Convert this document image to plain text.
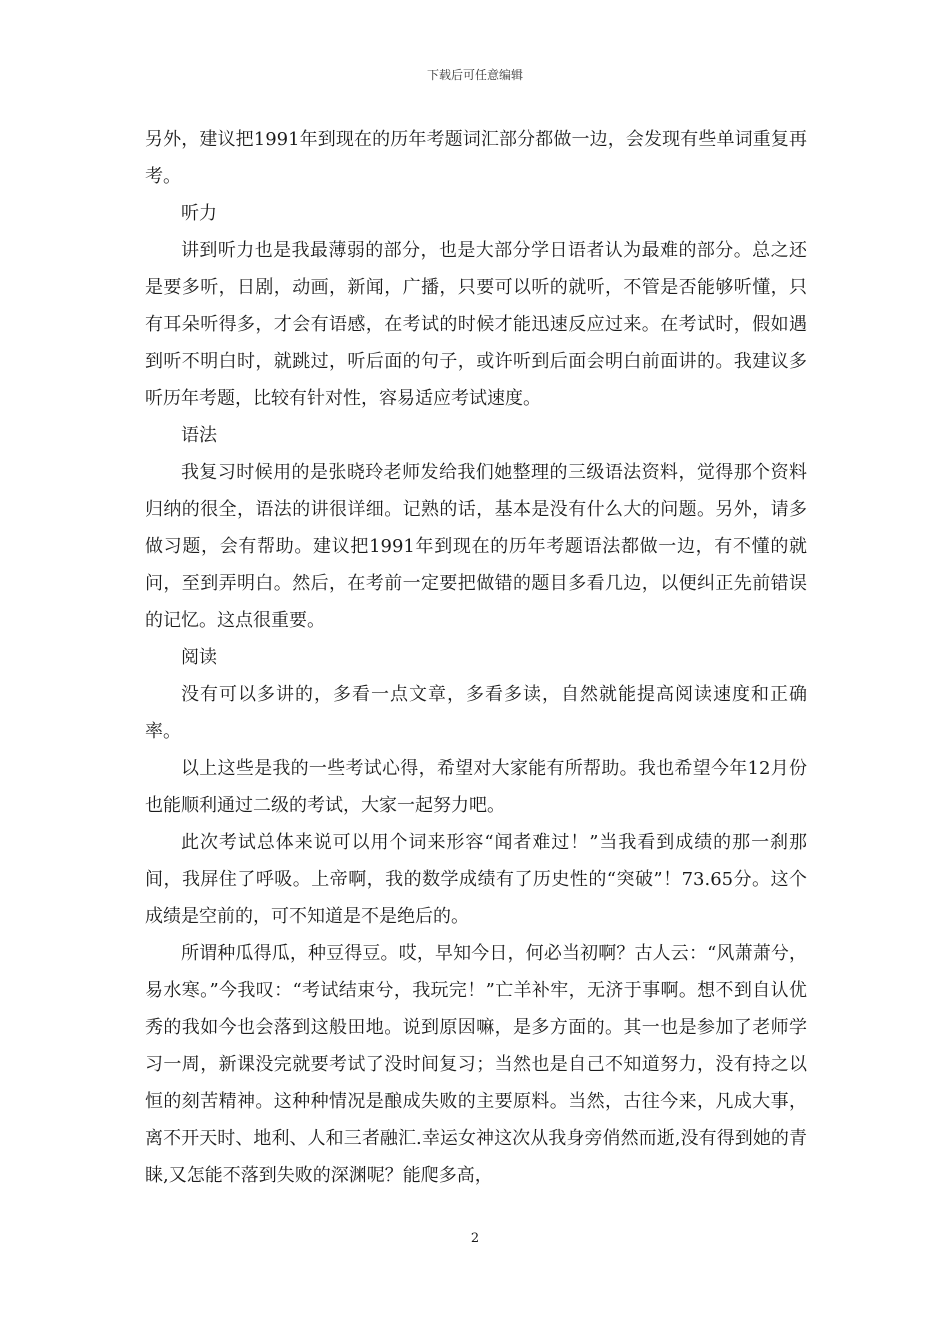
下载后可任意编辑

另外，建议把1991年到现在的历年考题词汇部分都做一边，会发现有些单词重复再考。

听力

讲到听力也是我最薄弱的部分，也是大部分学日语者认为最难的部分。总之还是要多听，日剧，动画，新闻，广播，只要可以听的就听，不管是否能够听懂，只有耳朵听得多，才会有语感，在考试的时候才能迅速反应过来。在考试时，假如遇到听不明白时，就跳过，听后面的句子，或许听到后面会明白前面讲的。我建议多听历年考题，比较有针对性，容易适应考试速度。

语法

我复习时候用的是张晓玲老师发给我们她整理的三级语法资料，觉得那个资料归纳的很全，语法的讲很详细。记熟的话，基本是没有什么大的问题。另外，请多做习题，会有帮助。建议把1991年到现在的历年考题语法都做一边，有不懂的就问，至到弄明白。然后，在考前一定要把做错的题目多看几边，以便纠正先前错误的记忆。这点很重要。

阅读

没有可以多讲的，多看一点文章，多看多读，自然就能提高阅读速度和正确率。

以上这些是我的一些考试心得，希望对大家能有所帮助。我也希望今年12月份也能顺利通过二级的考试，大家一起努力吧。

此次考试总体来说可以用个词来形容“闻者难过！”当我看到成绩的那一刹那间，我屏住了呼吸。上帝啊，我的数学成绩有了历史性的“突破”！73.65分。这个成绩是空前的，可不知道是不是绝后的。

所谓种瓜得瓜，种豆得豆。哎，早知今日，何必当初啊？古人云：“风萧萧兮，易水寒。”今我叹：“考试结束兮，我玩完！”亡羊补牢，无济于事啊。想不到自认优秀的我如今也会落到这般田地。说到原因嘛，是多方面的。其一也是参加了老师学习一周，新课没完就要考试了没时间复习；当然也是自己不知道努力，没有持之以恒的刻苦精神。这种种情况是酿成失败的主要原料。当然，古往今来，凡成大事，离不开天时、地利、人和三者融汇.幸运女神这次从我身旁俏然而逝,没有得到她的青睐,又怎能不落到失败的深渊呢？能爬多高，

2
